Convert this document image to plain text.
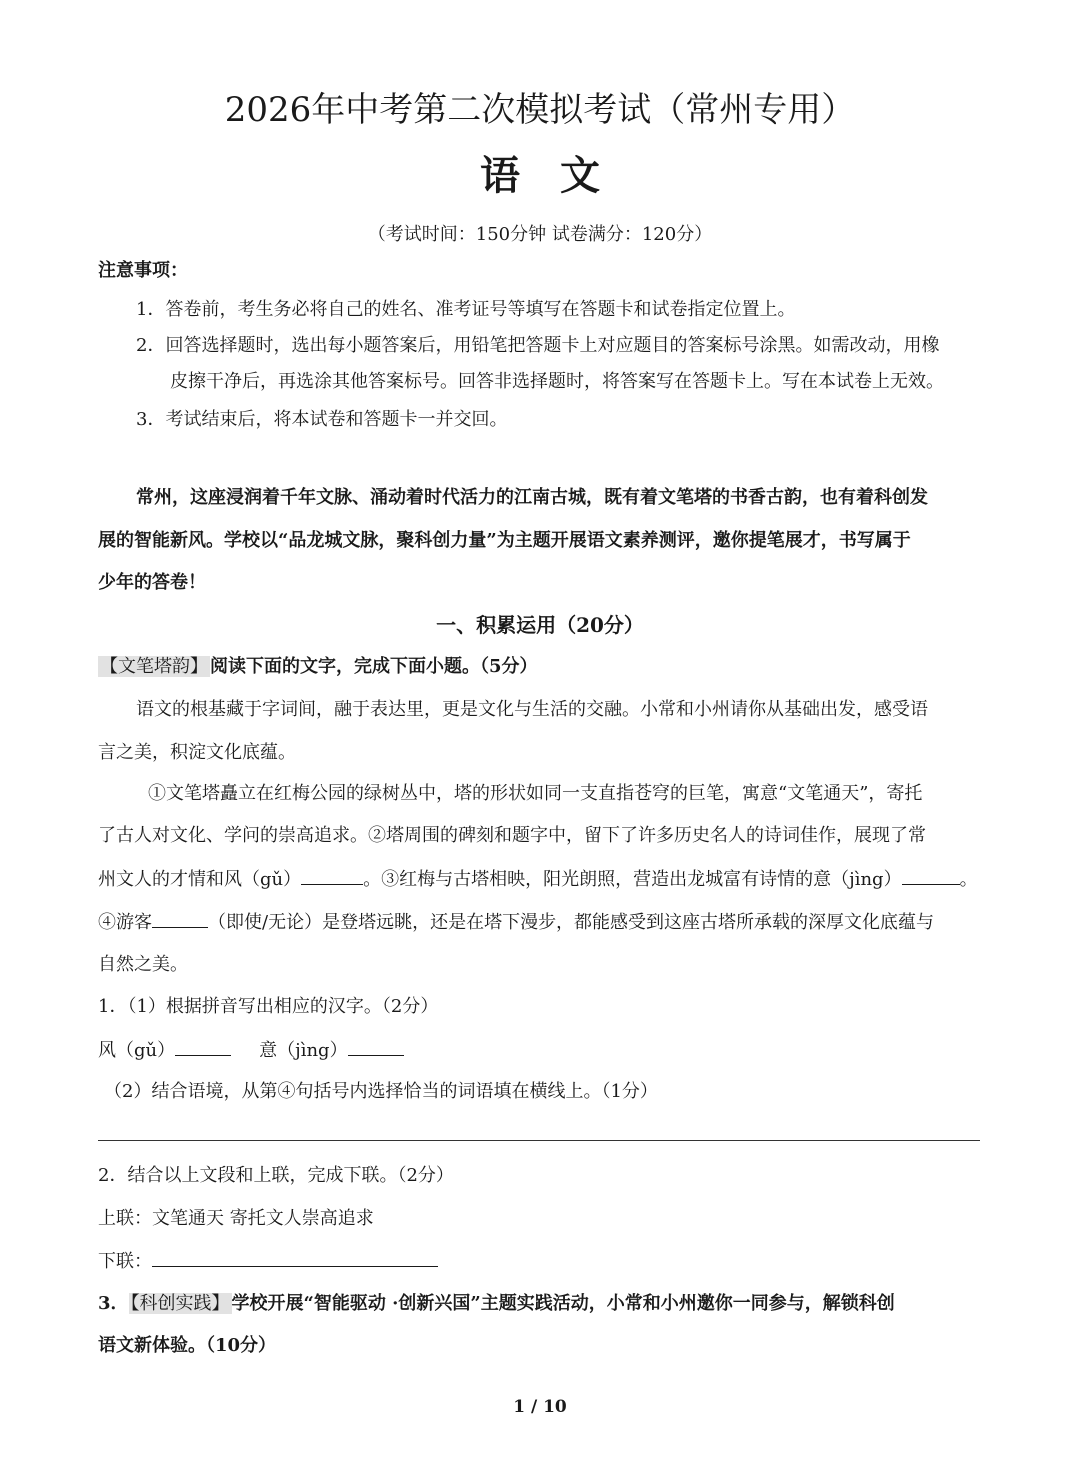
2026年中考第二次模拟考试（常州专用）
语文
（考试时间：150分钟 试卷满分：120分）
注意事项：
1．答卷前，考生务必将自己的姓名、准考证号等填写在答题卡和试卷指定位置上。
2．回答选择题时，选出每小题答案后，用铅笔把答题卡上对应题目的答案标号涂黑。如需改动，用橡
皮擦干净后，再选涂其他答案标号。回答非选择题时，将答案写在答题卡上。写在本试卷上无效。
3．考试结束后，将本试卷和答题卡一并交回。
常州，这座浸润着千年文脉、涌动着时代活力的江南古城，既有着文笔塔的书香古韵，也有着科创发
展的智能新风。学校以“品龙城文脉，聚科创力量”为主题开展语文素养测评，邀你提笔展才，书写属于
少年的答卷！
一、积累运用（20分）
【文笔塔韵】 阅读下面的文字，完成下面小题。（5分）
语文的根基藏于字词间，融于表达里，更是文化与生活的交融。小常和小州请你从基础出发，感受语
言之美，积淀文化底蕴。
①文笔塔矗立在红梅公园的绿树丛中，塔的形状如同一支直指苍穹的巨笔，寓意“文笔通天”，寄托
了古人对文化、学问的崇高追求。②塔周围的碑刻和题字中，留下了许多历史名人的诗词佳作，展现了常
州文人的才情和风（gǔ）	。③红梅与古塔相映，阳光朗照，营造出龙城富有诗情的意（jìng）	。
④游客	（即使/无论）是登塔远眺，还是在塔下漫步，都能感受到这座古塔所承载的深厚文化底蕴与
自然之美。
1．（1）根据拼音写出相应的汉字。（2分）
风（gǔ）	意（jìng）
（2）结合语境，从第④句括号内选择恰当的词语填在横线上。（1分）
2．结合以上文段和上联，完成下联。（2分）
上联：文笔通天 寄托文人崇高追求
下联：
3． 【科创实践】 学校开展“智能驱动 ·创新兴国”主题实践活动，小常和小州邀你一同参与，解锁科创
语文新体验。（10分）
1 / 10
